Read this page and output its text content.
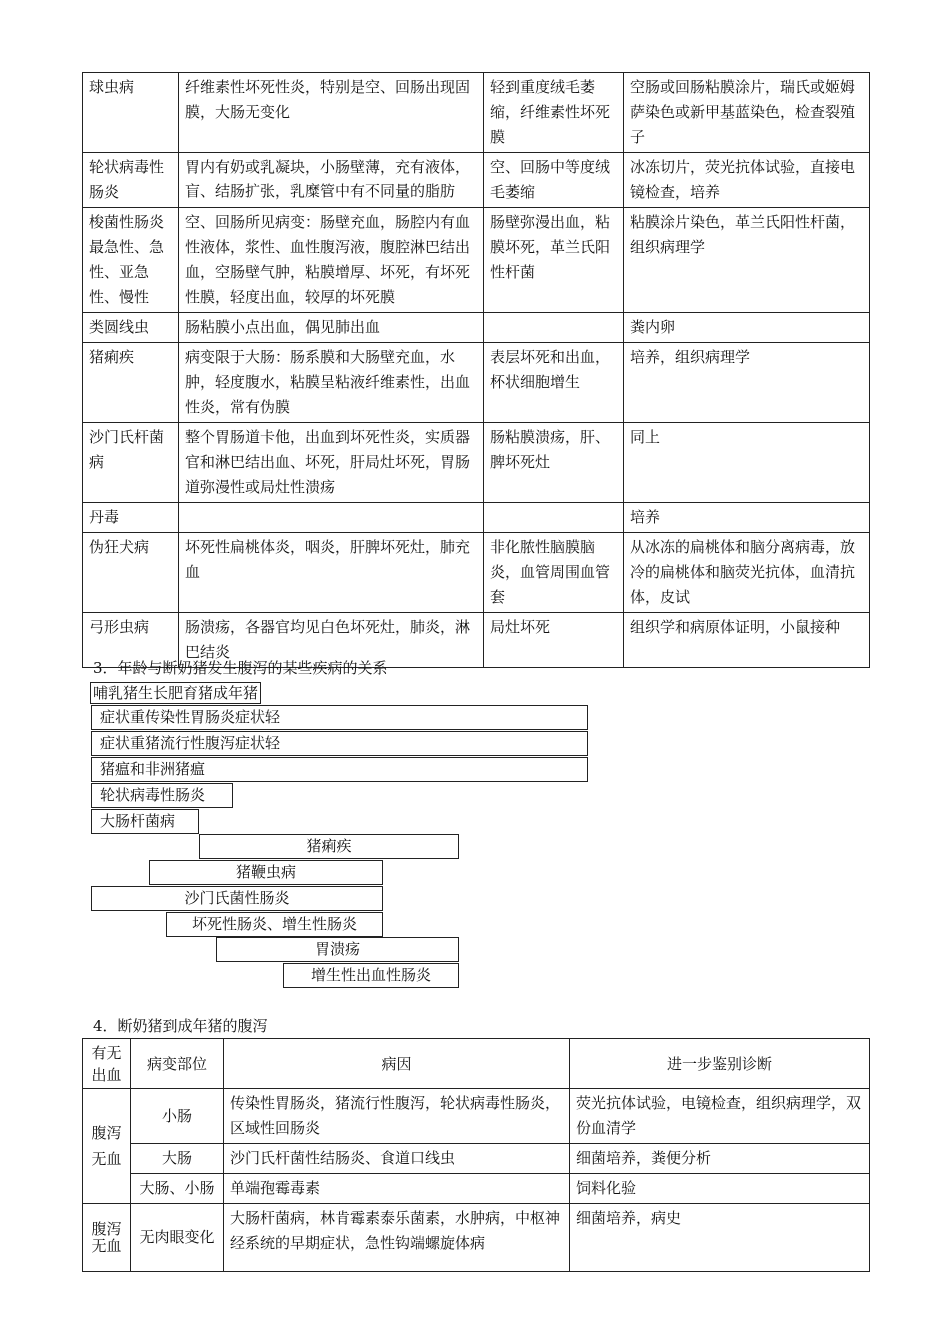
球虫病	纤维素性坏死性炎，特别是空、回肠出现固膜，大肠无变化	轻到重度绒毛萎缩，纤维素性坏死膜	空肠或回肠粘膜涂片，瑞氏或姬姆萨染色或新甲基蓝染色，检查裂殖子
轮状病毒性肠炎	胃内有奶或乳凝块，小肠壁薄，充有液体，盲、结肠扩张，乳糜管中有不同量的脂肪	空、回肠中等度绒毛萎缩	冰冻切片，荧光抗体试验，直接电镜检查，培养
梭菌性肠炎最急性、急性、亚急性、慢性	空、回肠所见病变：肠壁充血，肠腔内有血性液体，浆性、血性腹泻液，腹腔淋巴结出血，空肠壁气肿，粘膜增厚、坏死，有坏死性膜，轻度出血，较厚的坏死膜	肠壁弥漫出血，粘膜坏死，革兰氏阳性杆菌	粘膜涂片染色，革兰氏阳性杆菌，组织病理学
类圆线虫	肠粘膜小点出血，偶见肺出血		粪内卵
猪痢疾	病变限于大肠：肠系膜和大肠壁充血，水肿，轻度腹水，粘膜呈粘液纤维素性，出血性炎，常有伪膜	表层坏死和出血，杯状细胞增生	培养，组织病理学
沙门氏杆菌病	整个胃肠道卡他，出血到坏死性炎，实质器官和淋巴结出血、坏死，肝局灶坏死，胃肠道弥漫性或局灶性溃疡	肠粘膜溃疡，肝、脾坏死灶	同上
丹毒			培养
伪狂犬病	坏死性扁桃体炎，咽炎，肝脾坏死灶，肺充血	非化脓性脑膜脑炎，血管周围血管套	从冰冻的扁桃体和脑分离病毒，放冷的扁桃体和脑荧光抗体，血清抗体，皮试
弓形虫病	肠溃疡，各器官均见白色坏死灶，肺炎，淋巴结炎	局灶坏死	组织学和病原体证明，小鼠接种
3．年龄与断奶猪发生腹泻的某些疾病的关系
哺乳猪生长肥育猪成年猪
症状重传染性胃肠炎症状轻
症状重猪流行性腹泻症状轻
猪瘟和非洲猪瘟
轮状病毒性肠炎
大肠杆菌病
猪痢疾
猪鞭虫病
沙门氏菌性肠炎
坏死性肠炎、增生性肠炎
胃溃疡
增生性出血性肠炎
4．断奶猪到成年猪的腹泻
有无出血	病变部位	病因	进一步鉴别诊断
腹泻无血	小肠	传染性胃肠炎，猪流行性腹泻，轮状病毒性肠炎，区域性回肠炎	荧光抗体试验，电镜检查，组织病理学，双份血清学
	大肠	沙门氏杆菌性结肠炎、食道口线虫	细菌培养，粪便分析
	大肠、小肠	单端孢霉毒素	饲料化验
腹泻无血	无肉眼变化	大肠杆菌病，林肯霉素泰乐菌素，水肿病，中枢神经系统的早期症状，急性钩端螺旋体病	细菌培养，病史
